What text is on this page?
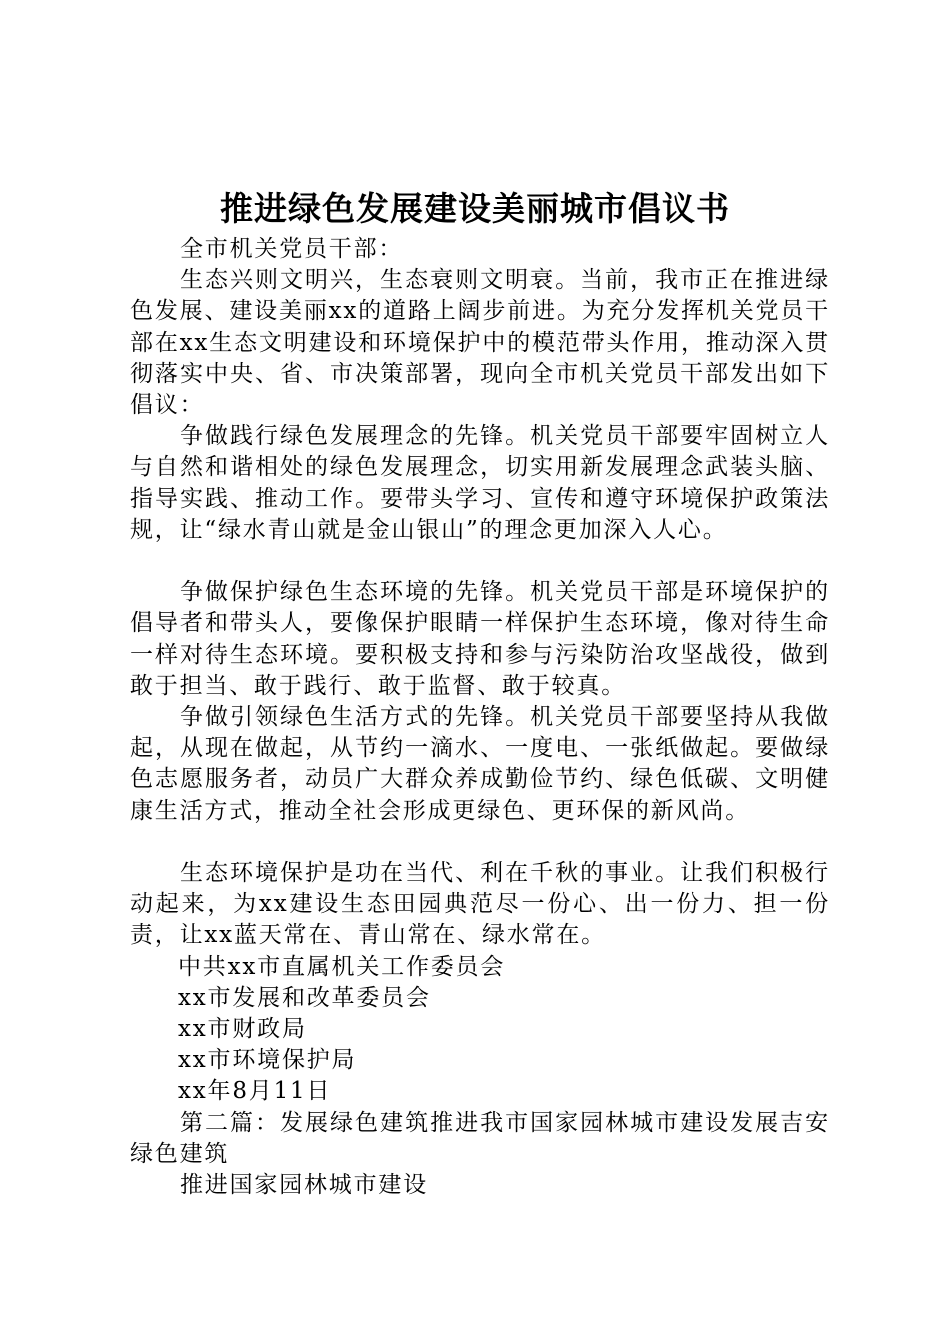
推进绿色发展建设美丽城市倡议书

全市机关党员干部：

生态兴则文明兴，生态衰则文明衰。当前，我市正在推进绿色发展、建设美丽xx的道路上阔步前进。为充分发挥机关党员干部在xx生态文明建设和环境保护中的模范带头作用，推动深入贯彻落实中央、省、市决策部署，现向全市机关党员干部发出如下倡议：

争做践行绿色发展理念的先锋。机关党员干部要牢固树立人与自然和谐相处的绿色发展理念，切实用新发展理念武装头脑、指导实践、推动工作。要带头学习、宣传和遵守环境保护政策法规，让“绿水青山就是金山银山”的理念更加深入人心。

争做保护绿色生态环境的先锋。机关党员干部是环境保护的倡导者和带头人，要像保护眼睛一样保护生态环境，像对待生命一样对待生态环境。要积极支持和参与污染防治攻坚战役，做到敢于担当、敢于践行、敢于监督、敢于较真。

争做引领绿色生活方式的先锋。机关党员干部要坚持从我做起，从现在做起，从节约一滴水、一度电、一张纸做起。要做绿色志愿服务者，动员广大群众养成勤俭节约、绿色低碳、文明健康生活方式，推动全社会形成更绿色、更环保的新风尚。

生态环境保护是功在当代、利在千秋的事业。让我们积极行动起来，为xx建设生态田园典范尽一份心、出一份力、担一份责，让xx蓝天常在、青山常在、绿水常在。

中共xx市直属机关工作委员会

xx市发展和改革委员会

xx市财政局

xx市环境保护局

xx年8月11日

第二篇：发展绿色建筑推进我市国家园林城市建设发展吉安绿色建筑

推进国家园林城市建设
